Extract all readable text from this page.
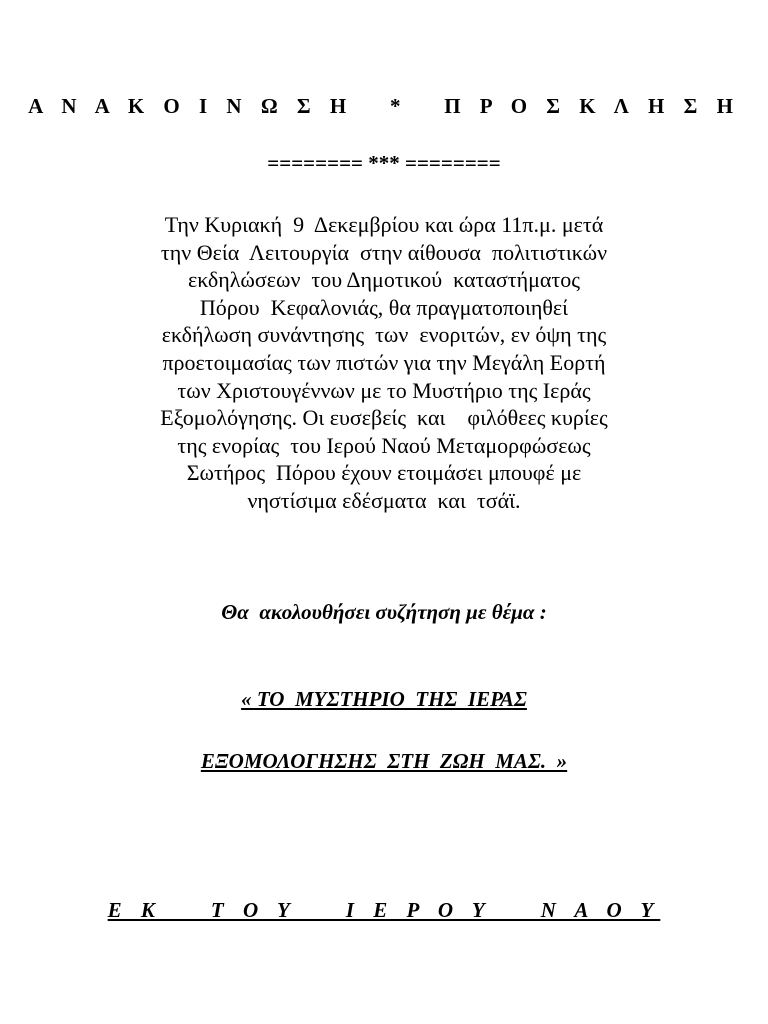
Α Ν Α Κ Ο Ι Ν Ω Σ Η   *   Π Ρ Ο Σ Κ Λ Η Σ Η

======== *** ========

Την Κυριακή  9  Δεκεμβρίου και ώρα 11π.μ. μετά
την Θεία  Λειτουργία  στην αίθουσα  πολιτιστικών
εκδηλώσεων  του Δημοτικού  καταστήματος
Πόρου  Κεφαλονιάς, θα πραγματοποιηθεί
εκδήλωση συνάντησης  των  ενοριτών, εν όψη της
προετοιμασίας των πιστών για την Μεγάλη Εορτή
των Χριστουγέννων με το Μυστήριο της Ιεράς
Εξομολόγησης. Οι ευσεβείς  και    φιλόθεες κυρίες
της ενορίας  του Ιερού Ναού Μεταμορφώσεως
Σωτήρος  Πόρου έχουν ετοιμάσει μπουφέ με
νηστίσιμα εδέσματα  και  τσάϊ.

Θα  ακολουθήσει συζήτηση με θέμα :

« ΤΟ  ΜΥΣΤΗΡΙΟ  ΤΗΣ  ΙΕΡΑΣ

ΕΞΟΜΟΛΟΓΗΣΗΣ  ΣΤΗ  ΖΩΗ  ΜΑΣ.  »

Ε Κ    Τ Ο Υ    Ι Ε Ρ Ο Υ    Ν Α Ο Υ
